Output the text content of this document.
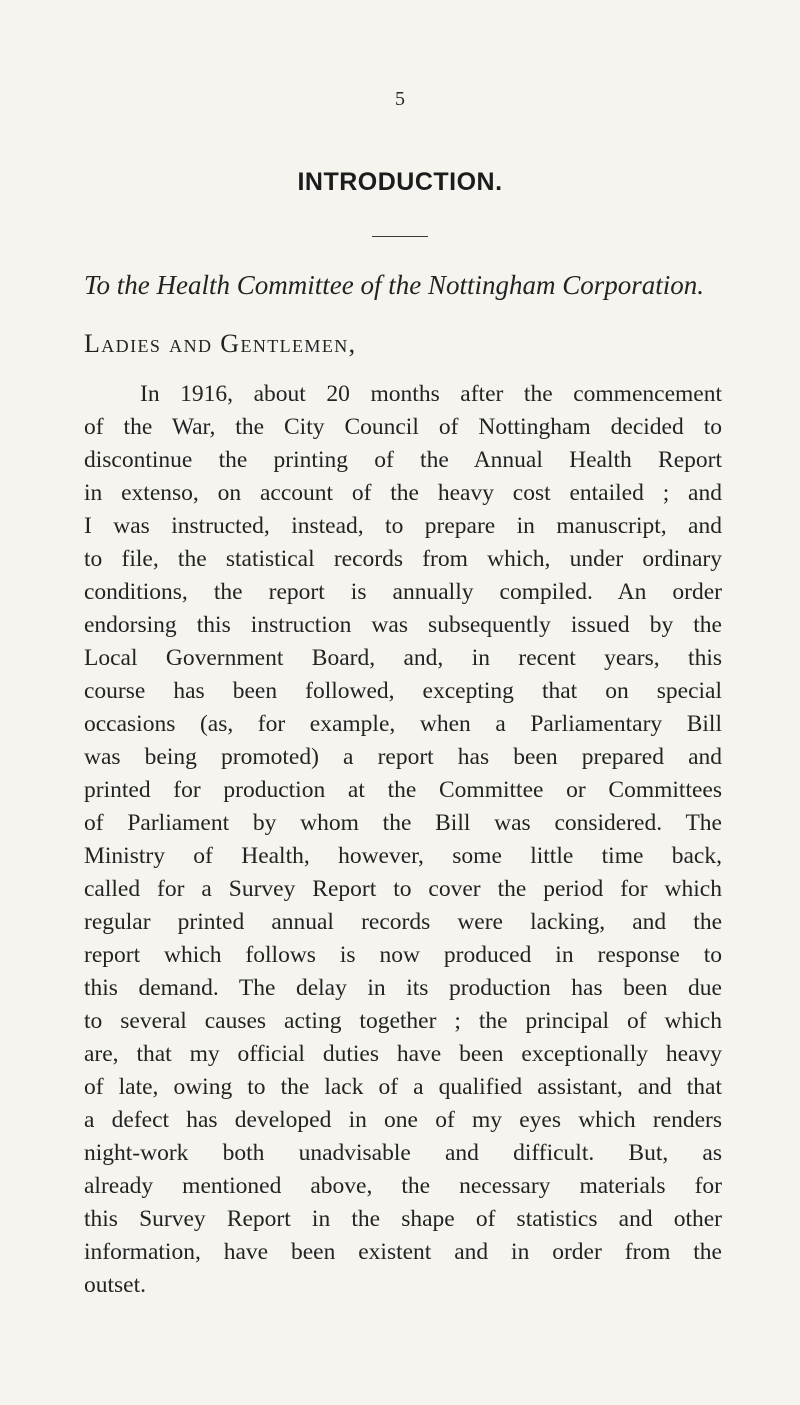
5
INTRODUCTION.
To the Health Committee of the Nottingham Corporation.
Ladies and Gentlemen,
In 1916, about 20 months after the commencement
of the War, the City Council of Nottingham decided to
discontinue the printing of the Annual Health Report
in extenso, on account of the heavy cost entailed ; and
I was instructed, instead, to prepare in manuscript, and
to file, the statistical records from which, under ordinary
conditions, the report is annually compiled. An order
endorsing this instruction was subsequently issued by the
Local Government Board, and, in recent years, this
course has been followed, excepting that on special
occasions (as, for example, when a Parliamentary Bill
was being promoted) a report has been prepared and
printed for production at the Committee or Committees
of Parliament by whom the Bill was considered. The
Ministry of Health, however, some little time back,
called for a Survey Report to cover the period for which
regular printed annual records were lacking, and the
report which follows is now produced in response to
this demand. The delay in its production has been due
to several causes acting together ; the principal of which
are, that my official duties have been exceptionally heavy
of late, owing to the lack of a qualified assistant, and that
a defect has developed in one of my eyes which renders
night-work both unadvisable and difficult. But, as
already mentioned above, the necessary materials for
this Survey Report in the shape of statistics and other
information, have been existent and in order from the
outset.
